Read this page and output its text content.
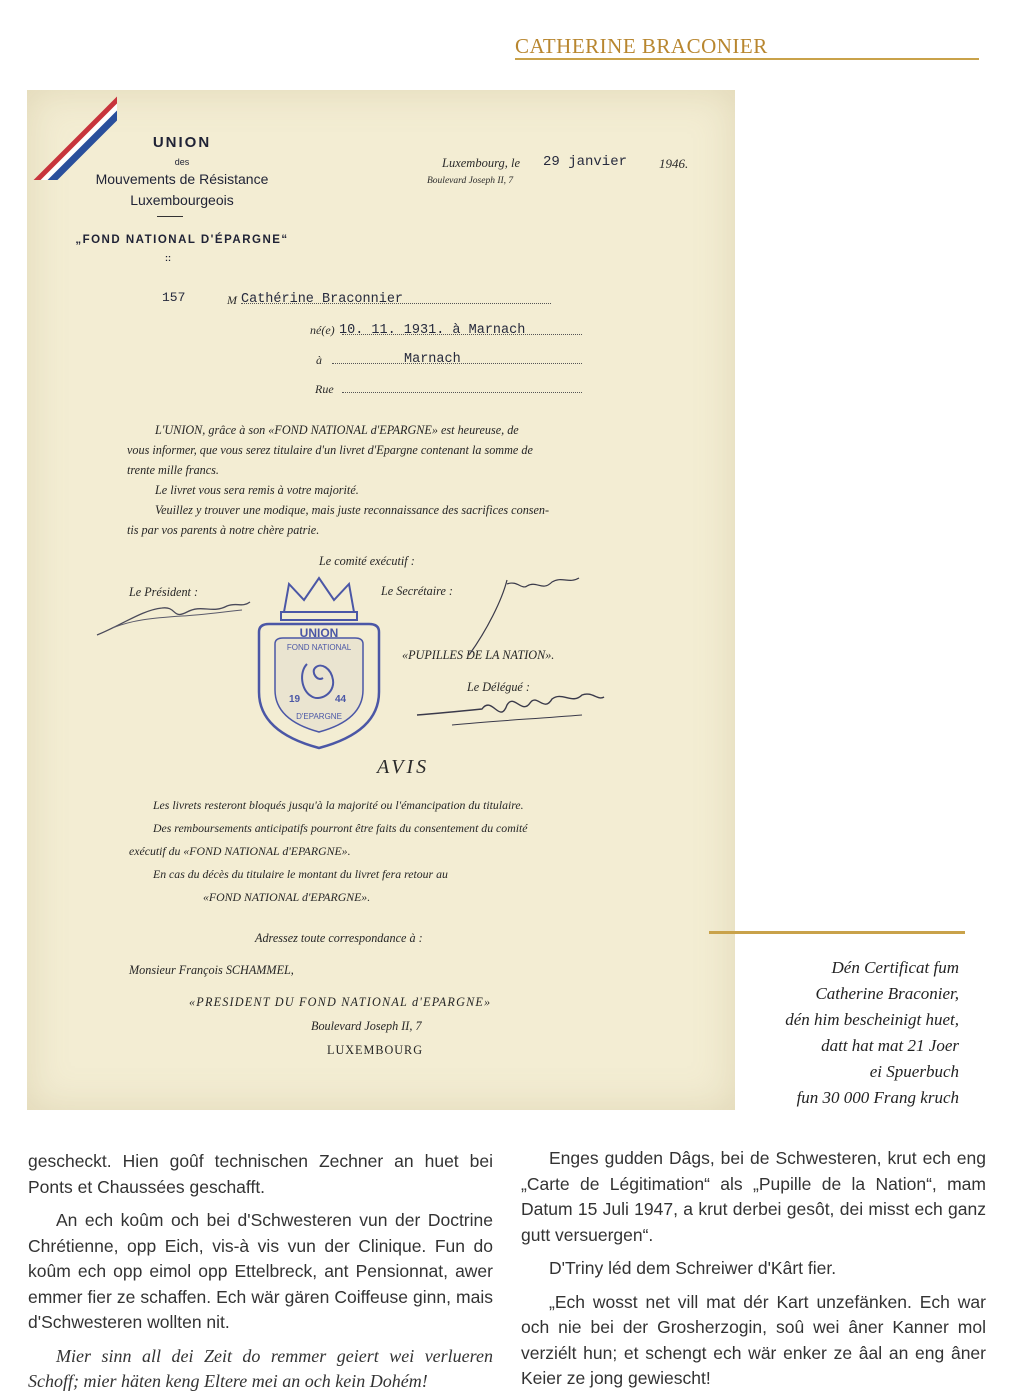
CATHERINE BRACONIER
UNION
des
Mouvements de Résistance
Luxembourgeois
„FOND NATIONAL D'ÉPARGNE“
::
Luxembourg, le 29 janvier 1946.
Boulevard Joseph II, 7
157	M Cathérine Braconnier
né(e) 10. 11. 1931. à Marnach
à	Marnach
Rue
L'UNION, grâce à son «FOND NATIONAL d'EPARGNE» est heureuse, de
vous informer, que vous serez titulaire d'un livret d'Epargne contenant la somme de
trente mille francs.
Le livret vous sera remis à votre majorité.
Veuillez y trouver une modique, mais juste reconnaissance des sacrifices consen-
tis par vos parents à notre chère patrie.
Le comité exécutif :
Le Président :	Le Secrétaire :
«PUPILLES DE LA NATION».
Le Délégué :
UNION
FOND NATIONAL
19	44
D'EPARGNE
AVIS
Les livrets resteront bloqués jusqu'à la majorité ou l'émancipation du titulaire.
Des remboursements anticipatifs pourront être faits du consentement du comité
exécutif du «FOND NATIONAL d'EPARGNE».
En cas du décès du titulaire le montant du livret fera retour au
«FOND NATIONAL d'EPARGNE».
Adressez toute correspondance à :
Monsieur François SCHAMMEL,
«PRESIDENT DU FOND NATIONAL d'EPARGNE»
Boulevard Joseph II, 7
LUXEMBOURG
Dén Certificat fum
Catherine Braconier,
dén him bescheinigt huet,
datt hat mat 21 Joer
ei Spuerbuch
fun 30 000 Frang kruch

gescheckt. Hien goûf technischen Zechner an huet bei Ponts et Chaussées geschafft.

An ech koûm och bei d'Schwesteren vun der Doctrine Chrétienne, opp Eich, vis-à vis vun der Clinique. Fun do koûm ech opp eimol opp Ettelbreck, ant Pensionnat, awer emmer fier ze schaffen. Ech wär gären Coiffeuse ginn, mais d'Schwesteren wollten nit.

Mier sinn all dei Zeit do remmer geiert wei verlueren Schoff; mier häten keng Eltere mei an och kein Dohém!

Enges gudden Dâgs, bei de Schwesteren, krut ech eng „Carte de Légitimation“ als „Pupille de la Nation“, mam Datum 15 Juli 1947, a krut derbei gesôt, dei misst ech ganz gutt versuergen“.

D'Triny léd dem Schreiwer d'Kârt fier.

„Ech wosst net vill mat dér Kart unzefänken. Ech war och nie bei der Grosherzogin, soû wei âner Kanner mol verziélt hun; et schengt ech wär enker ze âal an eng âner Keier ze jong gewiescht!
